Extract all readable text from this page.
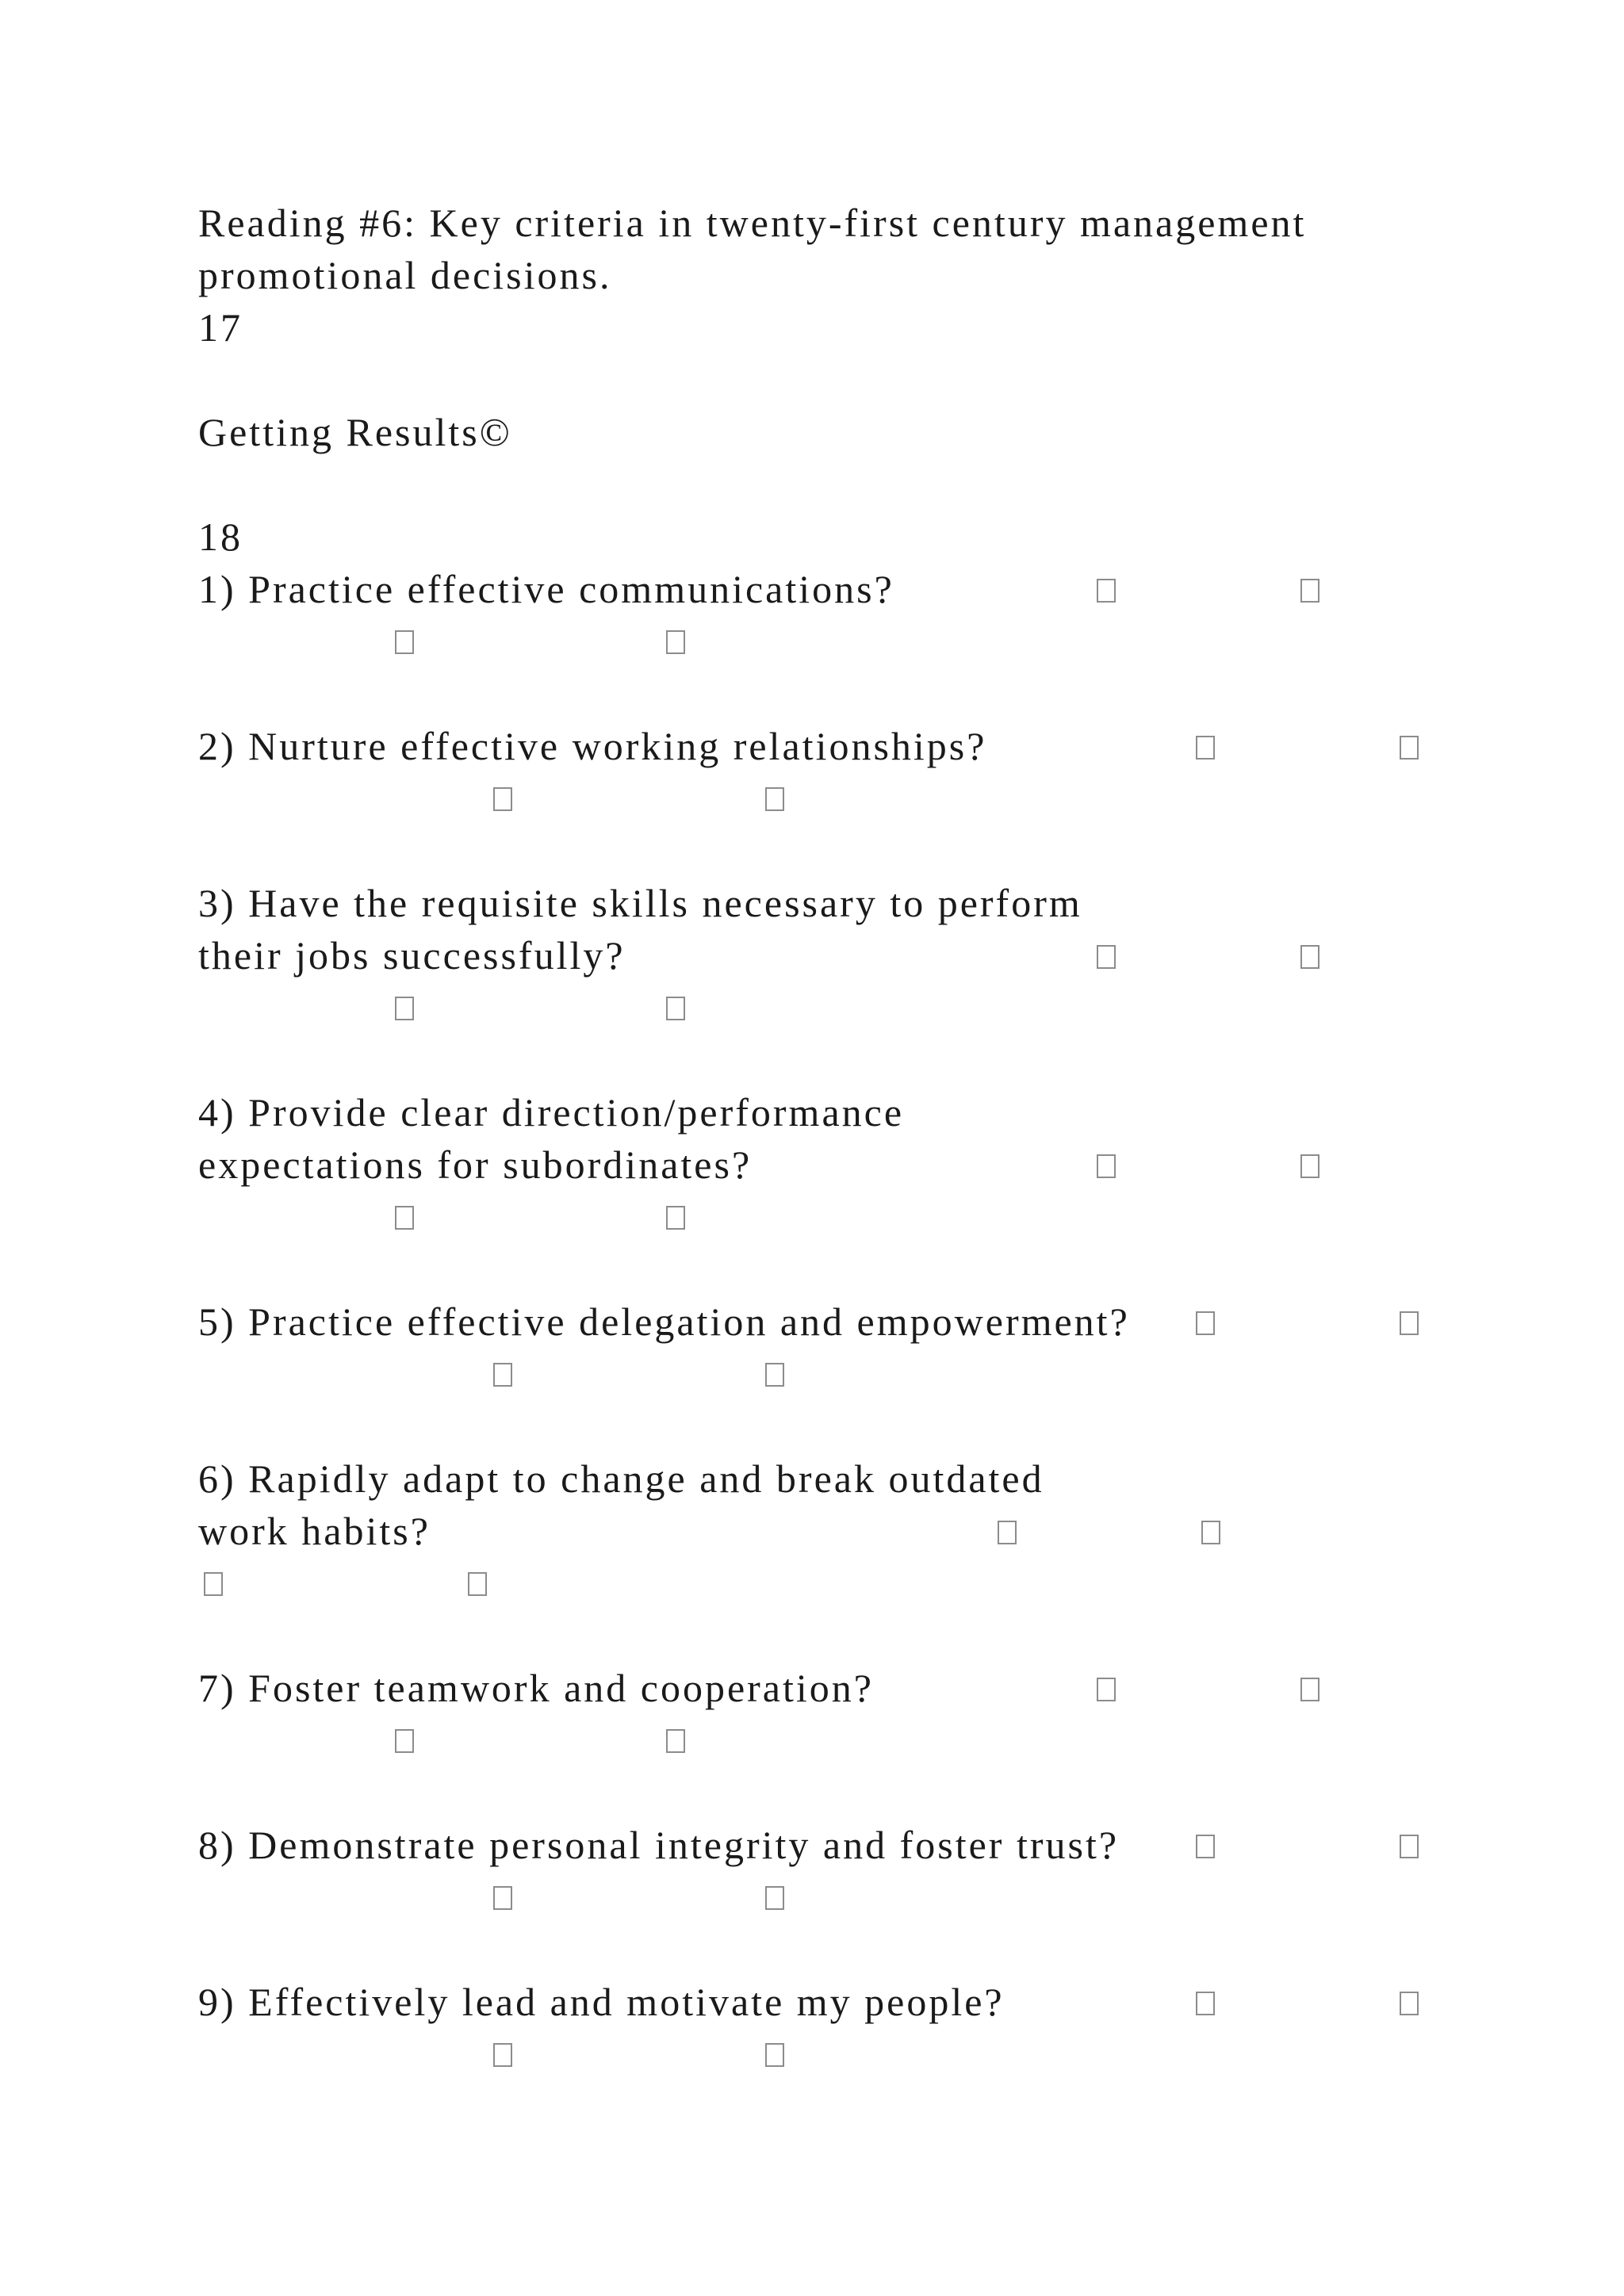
Reading #6: Key criteria in twenty-first century management
promotional decisions.
17
Getting Results©
18
1) Practice effective communications?
2) Nurture effective working relationships?
3) Have the requisite skills necessary to perform
their jobs successfully?
4) Provide clear direction/performance
expectations for subordinates?
5) Practice effective delegation and empowerment?
6) Rapidly adapt to change and break outdated
work habits?
7) Foster teamwork and cooperation?
8) Demonstrate personal integrity and foster trust?
9) Effectively lead and motivate my people?
